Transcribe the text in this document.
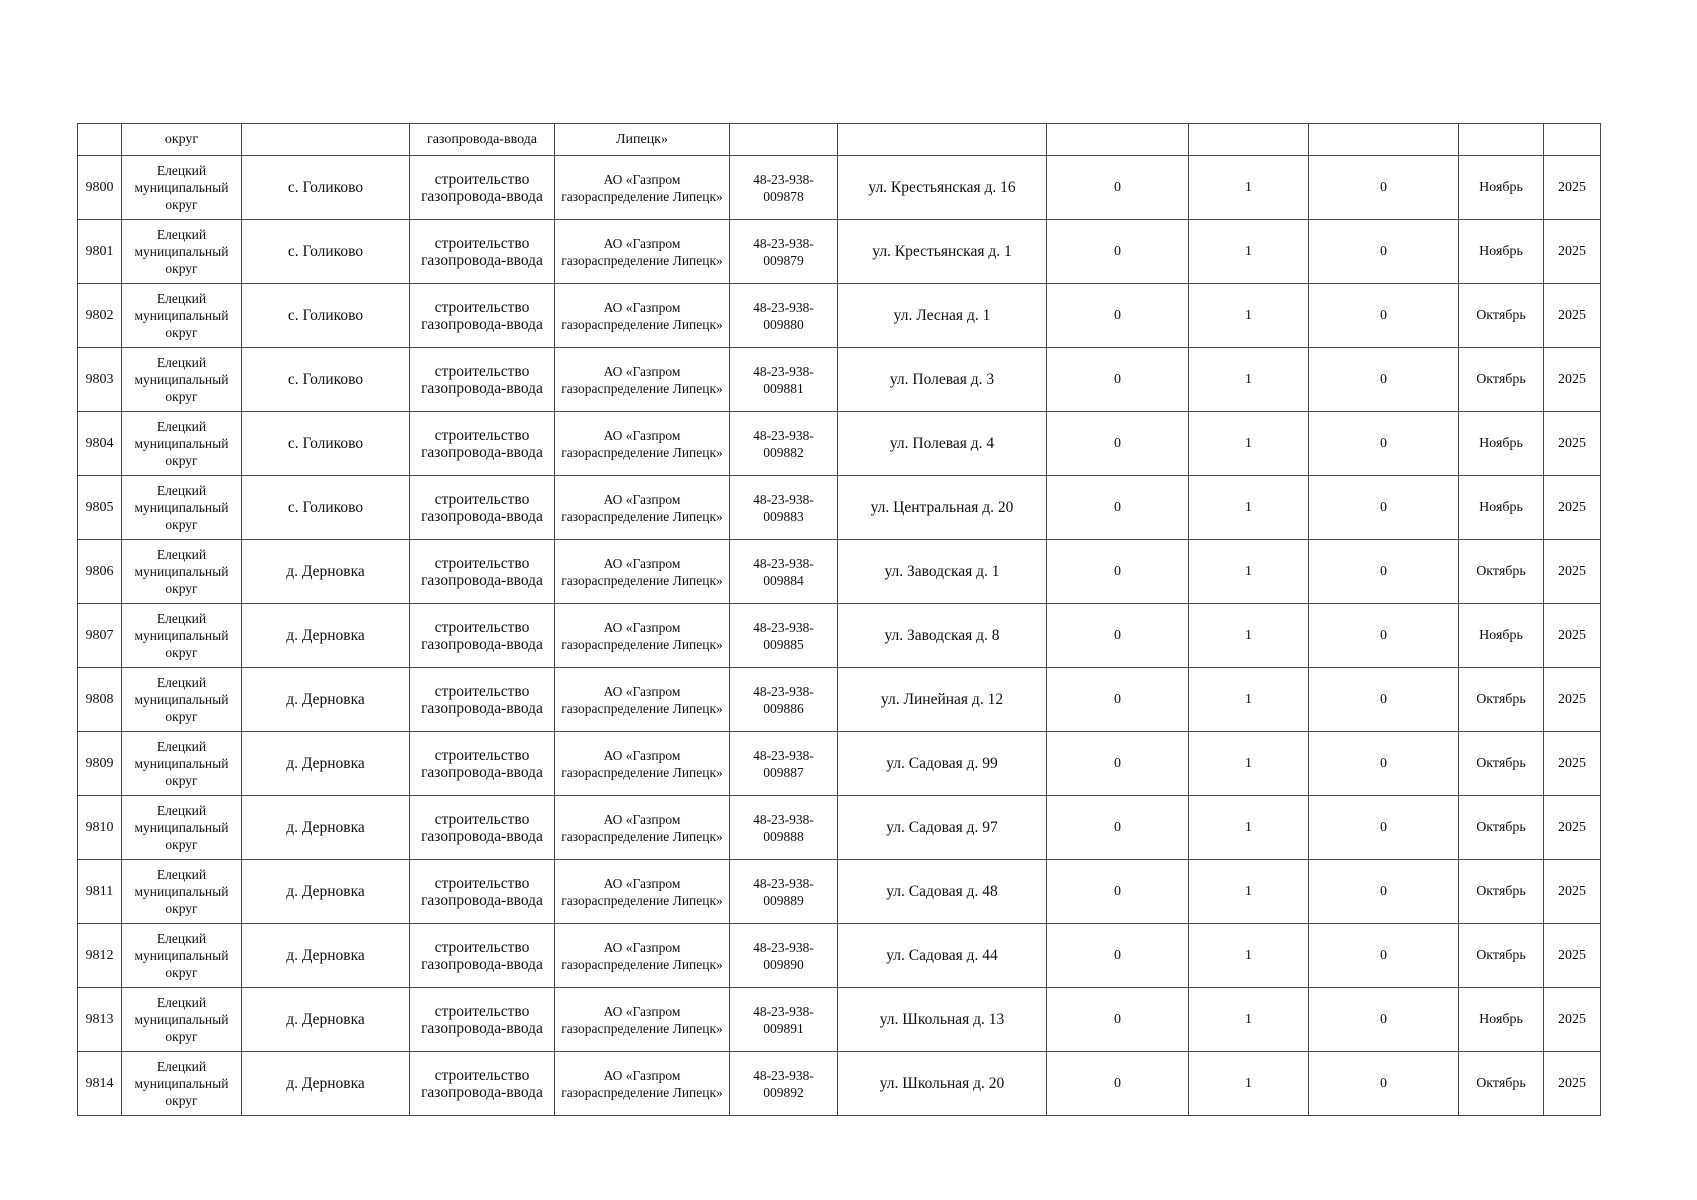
	округ		газопровода-ввода	Липецк»							
9800	Елецкий муниципальный округ	с. Голиково	строительство газопровода-ввода	АО «Газпром газораспределение Липецк»	48-23-938-009878	ул. Крестьянская д. 16	0	1	0	Ноябрь	2025
9801	Елецкий муниципальный округ	с. Голиково	строительство газопровода-ввода	АО «Газпром газораспределение Липецк»	48-23-938-009879	ул. Крестьянская д. 1	0	1	0	Ноябрь	2025
9802	Елецкий муниципальный округ	с. Голиково	строительство газопровода-ввода	АО «Газпром газораспределение Липецк»	48-23-938-009880	ул. Лесная д. 1	0	1	0	Октябрь	2025
9803	Елецкий муниципальный округ	с. Голиково	строительство газопровода-ввода	АО «Газпром газораспределение Липецк»	48-23-938-009881	ул. Полевая д. 3	0	1	0	Октябрь	2025
9804	Елецкий муниципальный округ	с. Голиково	строительство газопровода-ввода	АО «Газпром газораспределение Липецк»	48-23-938-009882	ул. Полевая д. 4	0	1	0	Ноябрь	2025
9805	Елецкий муниципальный округ	с. Голиково	строительство газопровода-ввода	АО «Газпром газораспределение Липецк»	48-23-938-009883	ул. Центральная д. 20	0	1	0	Ноябрь	2025
9806	Елецкий муниципальный округ	д. Дерновка	строительство газопровода-ввода	АО «Газпром газораспределение Липецк»	48-23-938-009884	ул. Заводская д. 1	0	1	0	Октябрь	2025
9807	Елецкий муниципальный округ	д. Дерновка	строительство газопровода-ввода	АО «Газпром газораспределение Липецк»	48-23-938-009885	ул. Заводская д. 8	0	1	0	Ноябрь	2025
9808	Елецкий муниципальный округ	д. Дерновка	строительство газопровода-ввода	АО «Газпром газораспределение Липецк»	48-23-938-009886	ул. Линейная д. 12	0	1	0	Октябрь	2025
9809	Елецкий муниципальный округ	д. Дерновка	строительство газопровода-ввода	АО «Газпром газораспределение Липецк»	48-23-938-009887	ул. Садовая д. 99	0	1	0	Октябрь	2025
9810	Елецкий муниципальный округ	д. Дерновка	строительство газопровода-ввода	АО «Газпром газораспределение Липецк»	48-23-938-009888	ул. Садовая д. 97	0	1	0	Октябрь	2025
9811	Елецкий муниципальный округ	д. Дерновка	строительство газопровода-ввода	АО «Газпром газораспределение Липецк»	48-23-938-009889	ул. Садовая д. 48	0	1	0	Октябрь	2025
9812	Елецкий муниципальный округ	д. Дерновка	строительство газопровода-ввода	АО «Газпром газораспределение Липецк»	48-23-938-009890	ул. Садовая д. 44	0	1	0	Октябрь	2025
9813	Елецкий муниципальный округ	д. Дерновка	строительство газопровода-ввода	АО «Газпром газораспределение Липецк»	48-23-938-009891	ул. Школьная д. 13	0	1	0	Ноябрь	2025
9814	Елецкий муниципальный округ	д. Дерновка	строительство газопровода-ввода	АО «Газпром газораспределение Липецк»	48-23-938-009892	ул. Школьная д. 20	0	1	0	Октябрь	2025
